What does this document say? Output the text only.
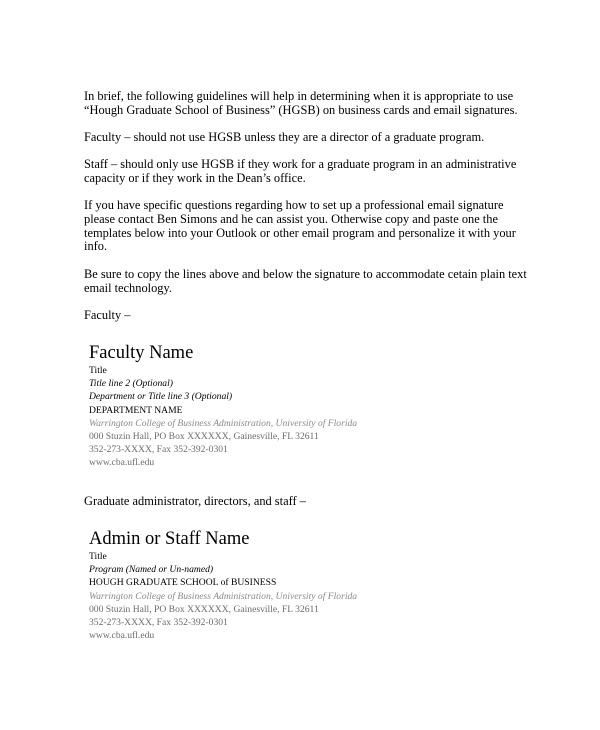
In brief, the following guidelines will help in determining when it is appropriate to use
“Hough Graduate School of Business” (HGSB) on business cards and email signatures.
Faculty – should not use HGSB unless they are a director of a graduate program.
Staff – should only use HGSB if they work for a graduate program in an administrative
capacity or if they work in the Dean’s office.
If you have specific questions regarding how to set up a professional email signature
please contact Ben Simons and he can assist you. Otherwise copy and paste one the
templates below into your Outlook or other email program and personalize it with your
info.
Be sure to copy the lines above and below the signature to accommodate cetain plain text
email technology.
Faculty –
Faculty Name
Title
Title line 2 (Optional)
Department or Title line 3 (Optional)
DEPARTMENT NAME
Warrington College of Business Administration, University of Florida
000 Stuzin Hall, PO Box XXXXXX, Gainesville, FL 32611
352-273-XXXX, Fax 352-392-0301
www.cba.ufl.edu
Graduate administrator, directors, and staff –
Admin or Staff Name
Title
Program (Named or Un-named)
HOUGH GRADUATE SCHOOL of BUSINESS
Warrington College of Business Administration, University of Florida
000 Stuzin Hall, PO Box XXXXXX, Gainesville, FL 32611
352-273-XXXX, Fax 352-392-0301
www.cba.ufl.edu
